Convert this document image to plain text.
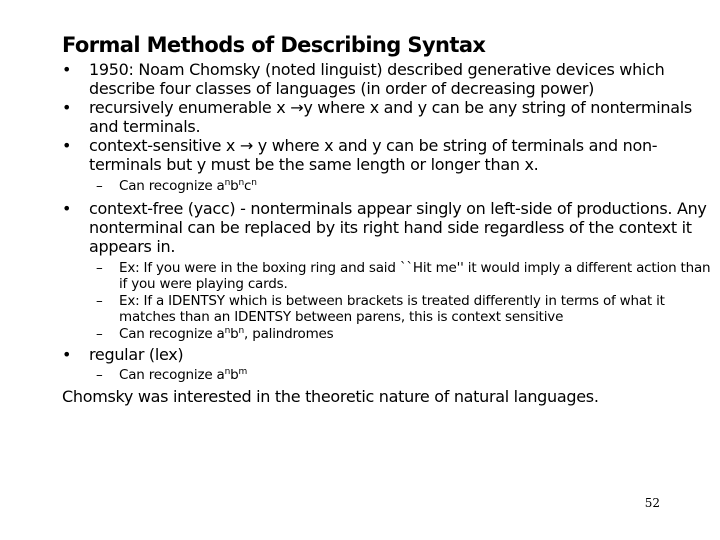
Formal Methods of Describing Syntax
•	1950: Noam Chomsky (noted linguist) described generative devices which describe four classes of languages (in order of decreasing power)
•	recursively enumerable x →y where x and y can be any string of nonterminals and terminals.
•	context-sensitive x → y where x and y can be string of terminals and non-terminals but y must be the same length or longer than x.
–	Can recognize $a^nb^nc^n$
•	context-free (yacc) - nonterminals appear singly on left-side of productions. Any nonterminal can be replaced by its right hand side regardless of the context it appears in.
–	Ex: If you were in the boxing ring and said ``Hit me'' it would imply a different action than if you were playing cards.
–	Ex: If a IDENTSY which is between brackets is treated differently in terms of what it matches than an IDENTSY between parens, this is context sensitive
–	Can recognize $a^nb^n$, palindromes
•	regular (lex)
–	Can recognize $a^nb^m$
Chomsky was interested in the theoretic nature of natural languages.
52
